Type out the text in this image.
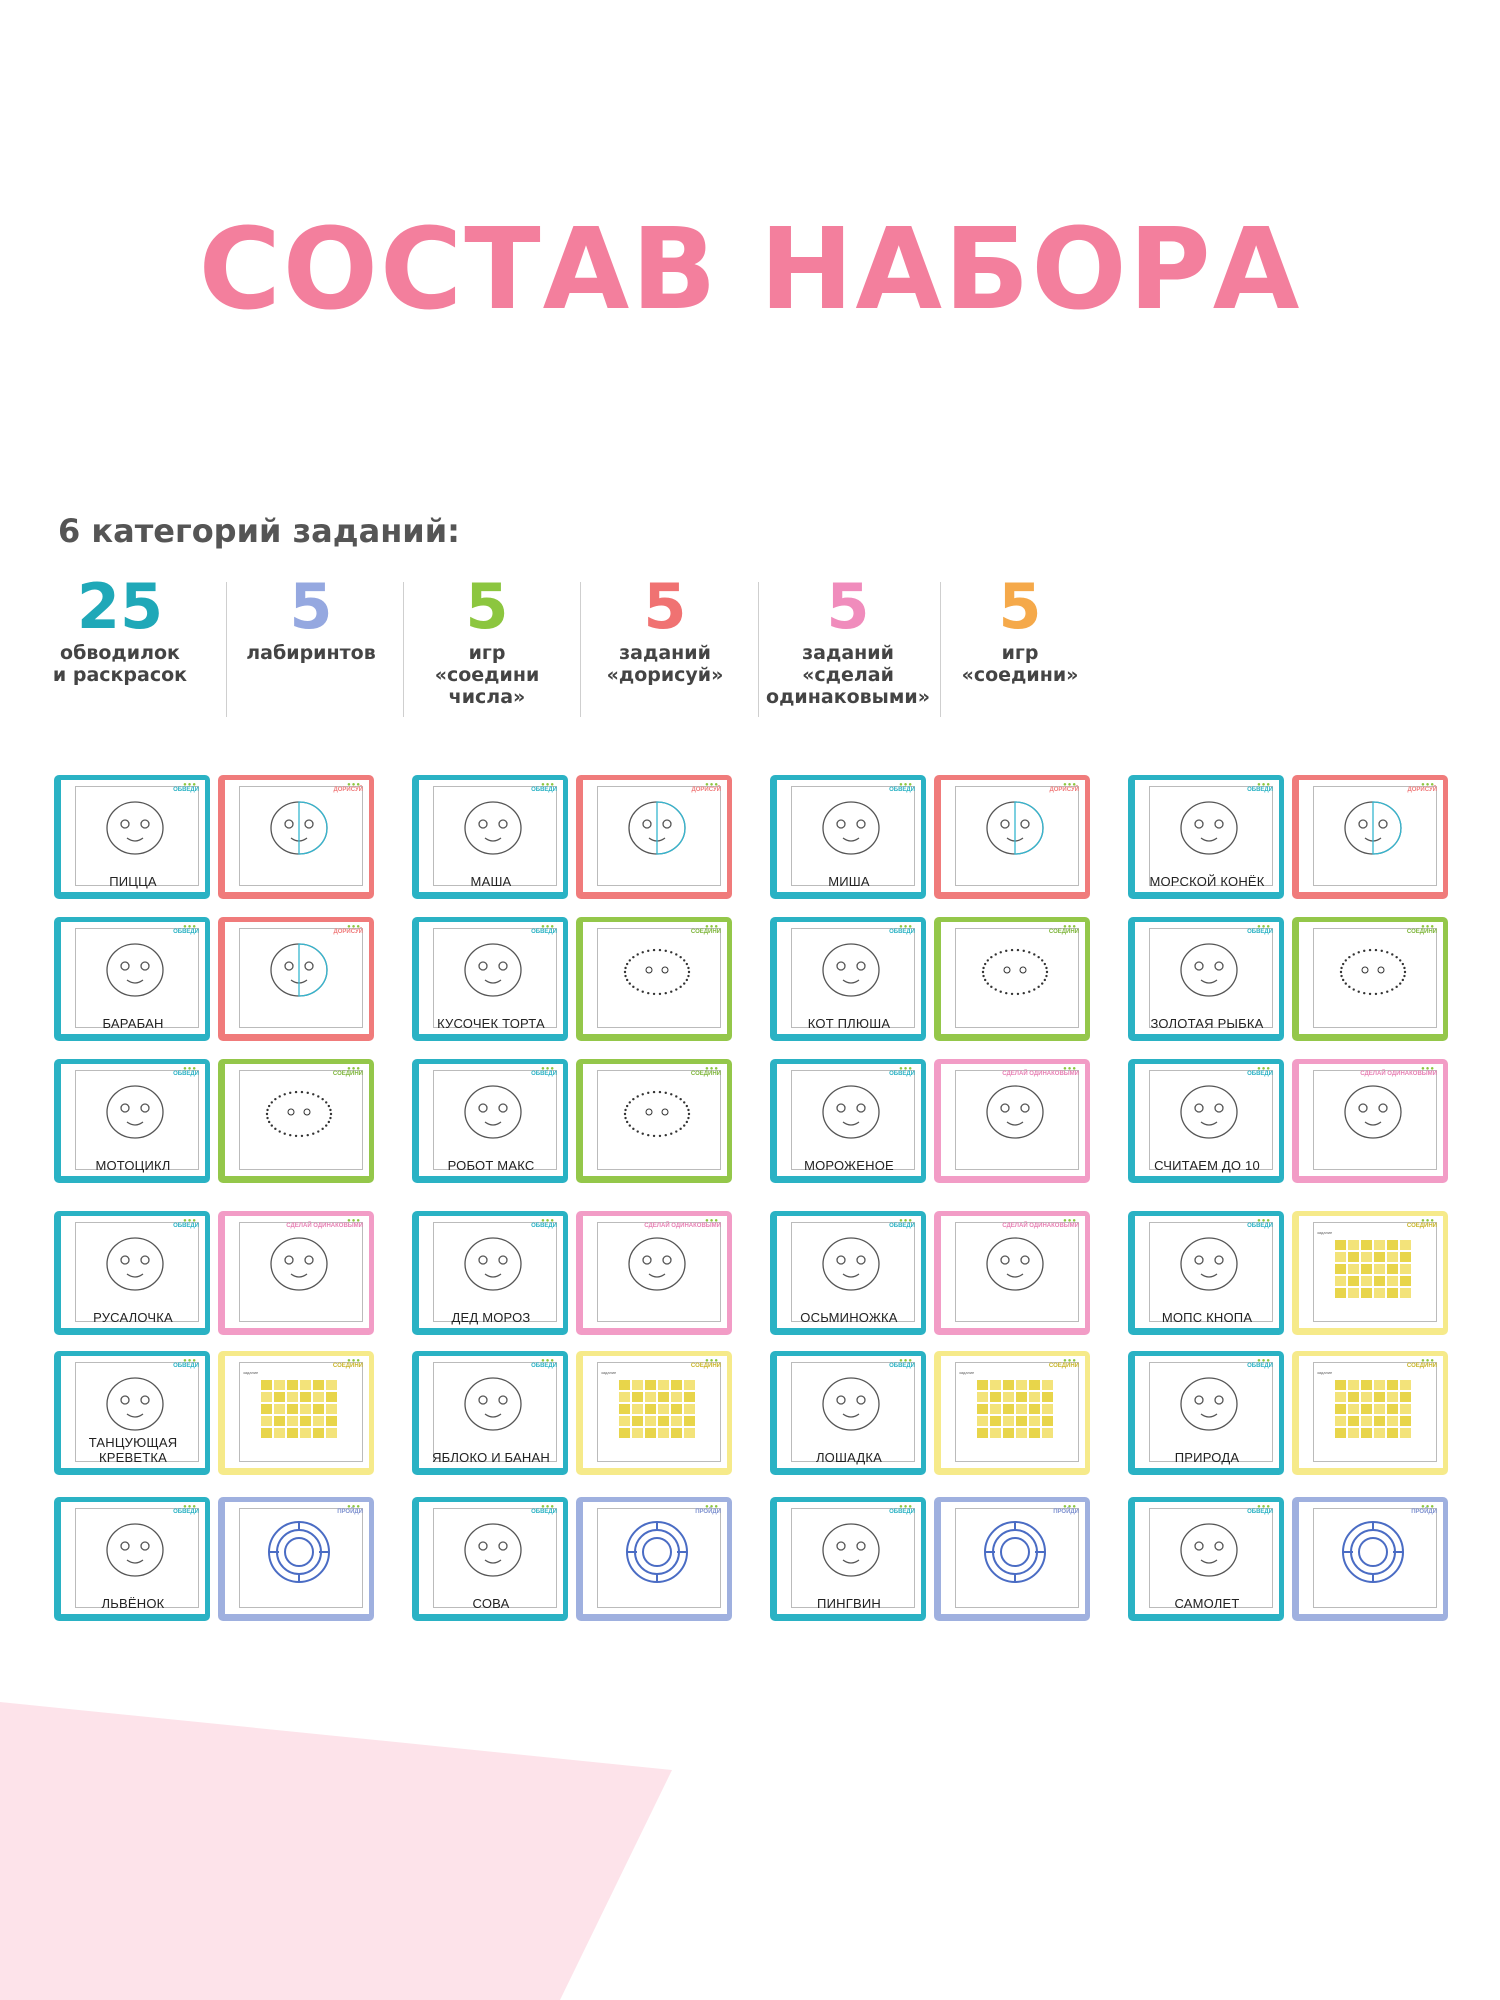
СОСТАВ НАБОРА
6 категорий заданий:
25
обводилок
и раскрасок
5
лабиринтов
5
игр
«соедини
числа»
5
заданий
«дорисуй»
5
заданий
«сделай
одинаковыми»
5
игр
«соедини»
●●●
ОБВЕДИ
ПИЦЦА
●●●
ДОРИСУЙ
●●●
ОБВЕДИ
МАША
●●●
ДОРИСУЙ
●●●
ОБВЕДИ
МИША
●●●
ДОРИСУЙ
●●●
ОБВЕДИ
МОРСКОЙ КОНЁК
●●●
ДОРИСУЙ
●●●
ОБВЕДИ
БАРАБАН
●●●
ДОРИСУЙ
●●●
ОБВЕДИ
КУСОЧЕК ТОРТА
●●●
СОЕДИНИ
●●●
ОБВЕДИ
КОТ ПЛЮША
●●●
СОЕДИНИ
●●●
ОБВЕДИ
ЗОЛОТАЯ РЫБКА
●●●
СОЕДИНИ
●●●
ОБВЕДИ
МОТОЦИКЛ
●●●
СОЕДИНИ
●●●
ОБВЕДИ
РОБОТ МАКС
●●●
СОЕДИНИ
●●●
ОБВЕДИ
МОРОЖЕНОЕ
●●●
СДЕЛАЙ ОДИНАКОВЫМИ
●●●
ОБВЕДИ
СЧИТАЕМ ДО 10
●●●
СДЕЛАЙ ОДИНАКОВЫМИ
●●●
ОБВЕДИ
РУСАЛОЧКА
●●●
СДЕЛАЙ ОДИНАКОВЫМИ
●●●
ОБВЕДИ
ДЕД МОРОЗ
●●●
СДЕЛАЙ ОДИНАКОВЫМИ
●●●
ОБВЕДИ
ОСЬМИНОЖКА
●●●
СДЕЛАЙ ОДИНАКОВЫМИ
●●●
ОБВЕДИ
МОПС КНОПА
●●●
СОЕДИНИ
задание
●●●
ОБВЕДИ
ТАНЦУЮЩАЯ КРЕВЕТКА
●●●
СОЕДИНИ
задание
●●●
ОБВЕДИ
ЯБЛОКО И БАНАН
●●●
СОЕДИНИ
задание
●●●
ОБВЕДИ
ЛОШАДКА
●●●
СОЕДИНИ
задание
●●●
ОБВЕДИ
ПРИРОДА
●●●
СОЕДИНИ
задание
●●●
ОБВЕДИ
ЛЬВЁНОК
●●●
ПРОЙДИ
●●●
ОБВЕДИ
СОВА
●●●
ПРОЙДИ
●●●
ОБВЕДИ
ПИНГВИН
●●●
ПРОЙДИ
●●●
ОБВЕДИ
САМОЛЕТ
●●●
ПРОЙДИ
